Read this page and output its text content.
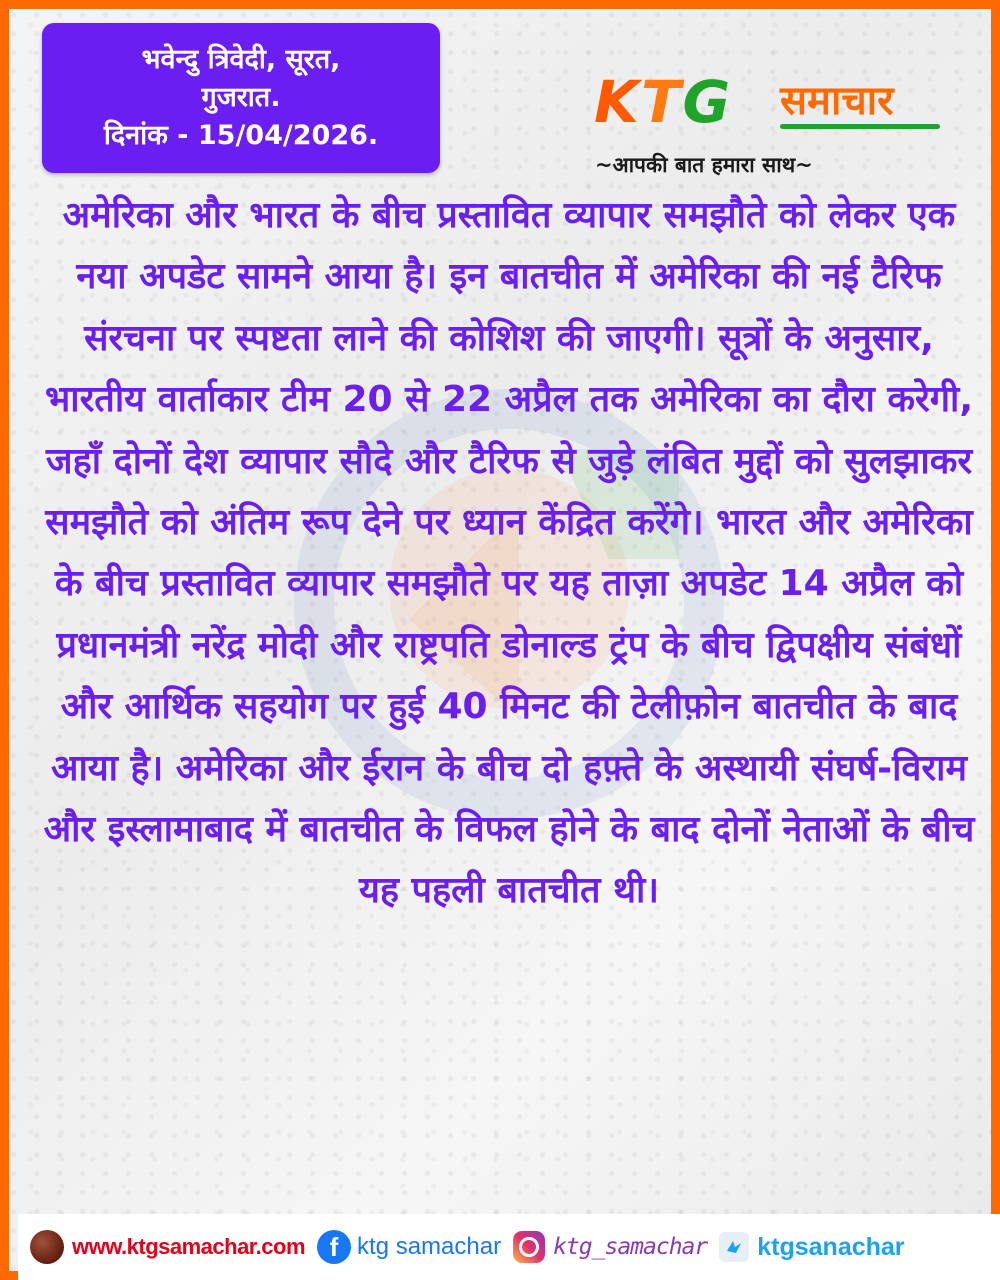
भवेन्दु त्रिवेदी, सूरत,
गुजरात.
दिनांक - 15/04/2026.	KTG समाचार
~आपकी बात हमारा साथ~
अमेरिका और भारत के बीच प्रस्तावित व्यापार समझौते को लेकर एक नया अपडेट सामने आया है। इन बातचीत में अमेरिका की नई टैरिफ संरचना पर स्पष्टता लाने की कोशिश की जाएगी। सूत्रों के अनुसार, भारतीय वार्ताकार टीम 20 से 22 अप्रैल तक अमेरिका का दौरा करेगी, जहाँ दोनों देश व्यापार सौदे और टैरिफ से जुड़े लंबित मुद्दों को सुलझाकर समझौते को अंतिम रूप देने पर ध्यान केंद्रित करेंगे। भारत और अमेरिका के बीच प्रस्तावित व्यापार समझौते पर यह ताज़ा अपडेट 14 अप्रैल को प्रधानमंत्री नरेंद्र मोदी और राष्ट्रपति डोनाल्ड ट्रंप के बीच द्विपक्षीय संबंधों और आर्थिक सहयोग पर हुई 40 मिनट की टेलीफ़ोन बातचीत के बाद आया है। अमेरिका और ईरान के बीच दो हफ़्ते के अस्थायी संघर्ष-विराम और इस्लामाबाद में बातचीत के विफल होने के बाद दोनों नेताओं के बीच यह पहली बातचीत थी।
www.ktgsamachar.com f ktg samachar ktg_samachar ktgsanachar
